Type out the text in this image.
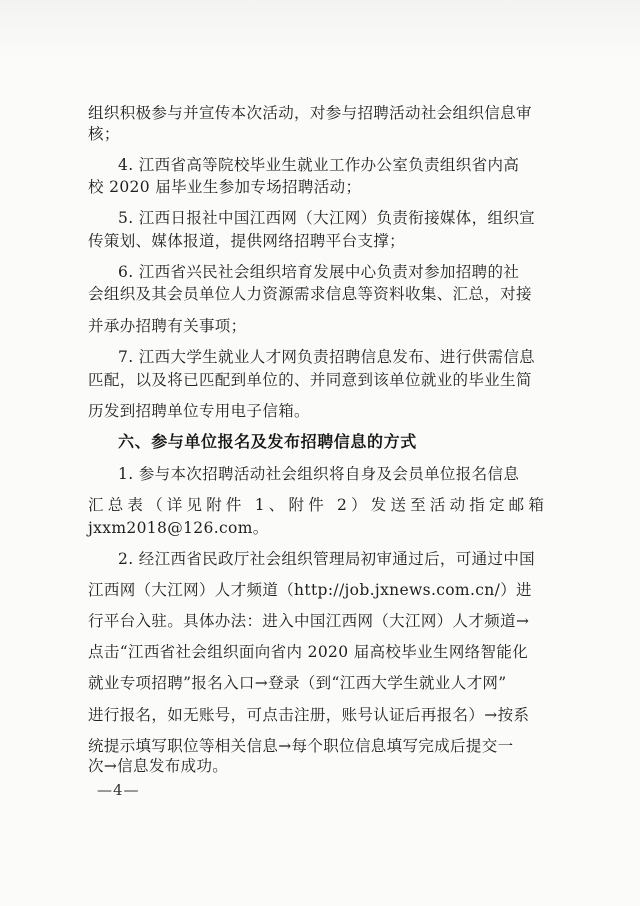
组织积极参与并宣传本次活动，对参与招聘活动社会组织信息审
核；
4. 江西省高等院校毕业生就业工作办公室负责组织省内高
校 2020 届毕业生参加专场招聘活动；
5. 江西日报社中国江西网（大江网）负责衔接媒体，组织宣
传策划、媒体报道，提供网络招聘平台支撑；
6. 江西省兴民社会组织培育发展中心负责对参加招聘的社
会组织及其会员单位人力资源需求信息等资料收集、汇总，对接
并承办招聘有关事项；
7. 江西大学生就业人才网负责招聘信息发布、进行供需信息
匹配，以及将已匹配到单位的、并同意到该单位就业的毕业生简
历发到招聘单位专用电子信箱。
六、参与单位报名及发布招聘信息的方式
1. 参与本次招聘活动社会组织将自身及会员单位报名信息
汇总表（详见附件 1、附件 2）发送至活动指定邮箱
jxxm2018@126.com。
2. 经江西省民政厅社会组织管理局初审通过后，可通过中国
江西网（大江网）人才频道（http://job.jxnews.com.cn/）进
行平台入驻。具体办法：进入中国江西网（大江网）人才频道→
点击“江西省社会组织面向省内 2020 届高校毕业生网络智能化
就业专项招聘”报名入口→登录（到“江西大学生就业人才网”
进行报名，如无账号，可点击注册，账号认证后再报名）→按系
统提示填写职位等相关信息→每个职位信息填写完成后提交一
次→信息发布成功。
—4—
